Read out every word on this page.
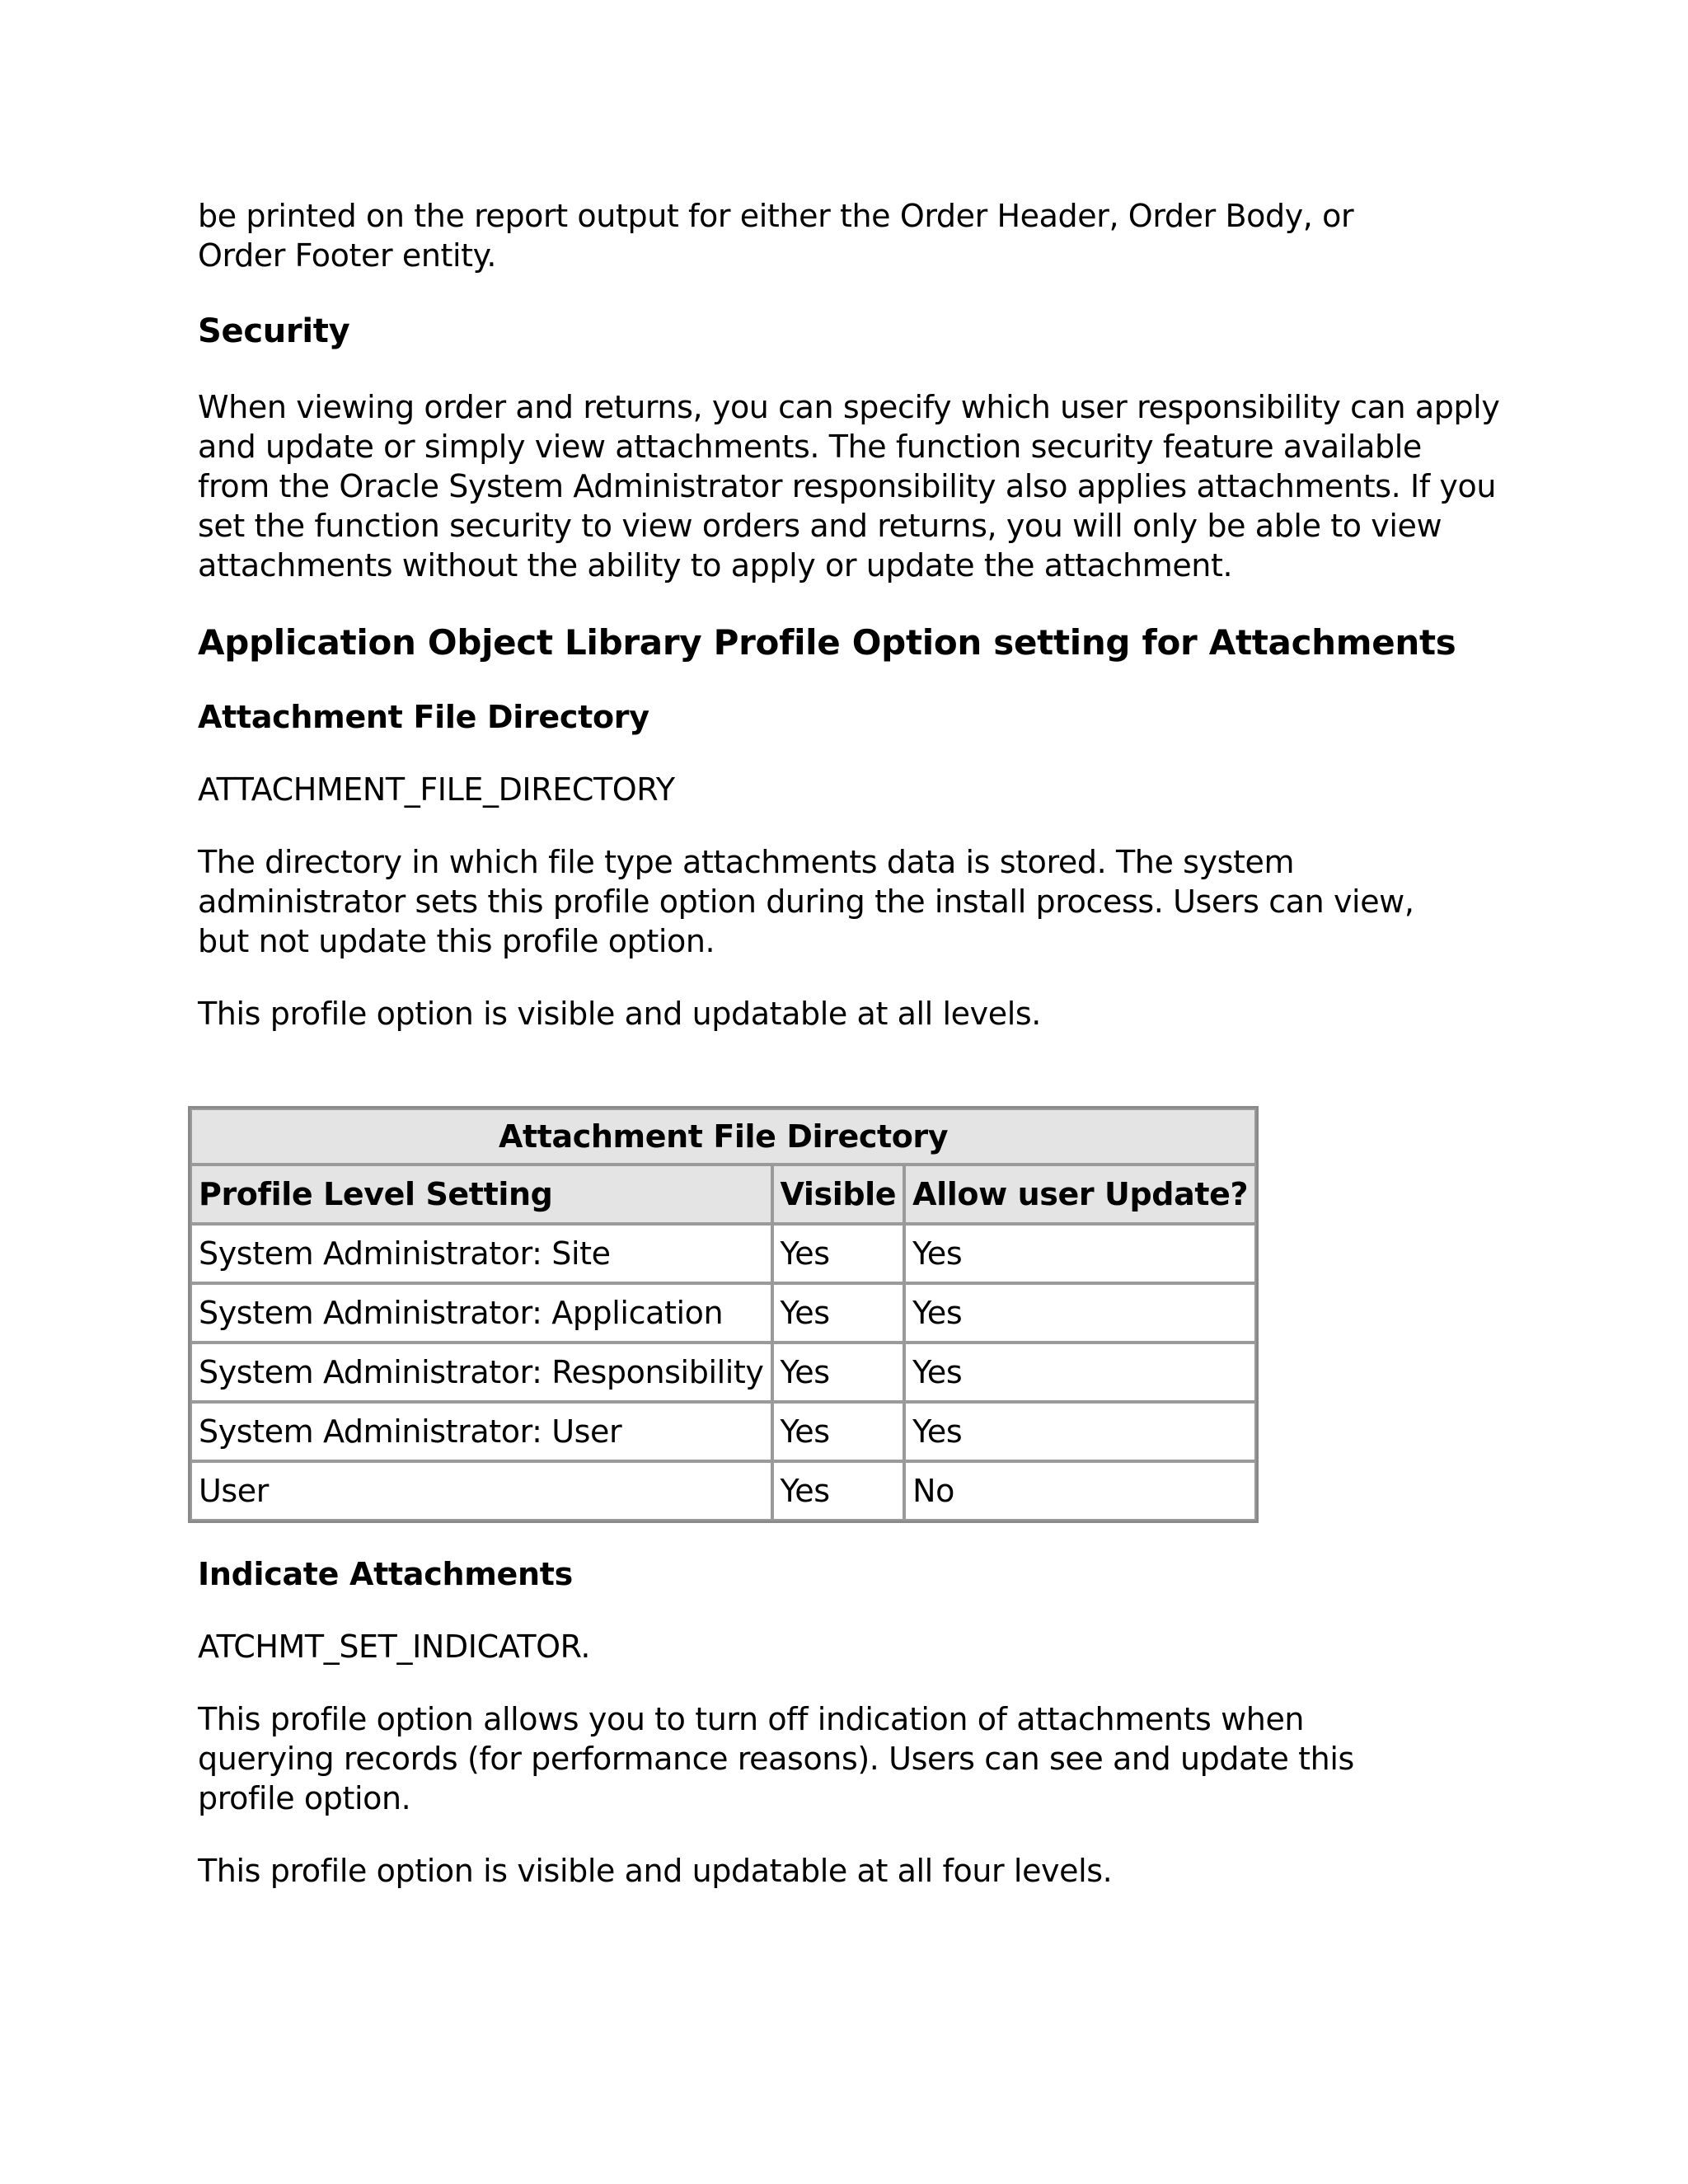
be printed on the report output for either the Order Header, Order Body, or Order Footer entity.

Security

When viewing order and returns, you can specify which user responsibility can apply and update or simply view attachments. The function security feature available from the Oracle System Administrator responsibility also applies attachments. If you set the function security to view orders and returns, you will only be able to view attachments without the ability to apply or update the attachment.

Application Object Library Profile Option setting for Attachments
Attachment File Directory

ATTACHMENT_FILE_DIRECTORY

The directory in which file type attachments data is stored. The system administrator sets this profile option during the install process. Users can view, but not update this profile option.

This profile option is visible and updatable at all levels.

Attachment File Directory		
Profile Level Setting	Visible	Allow user Update?
System Administrator: Site	Yes	Yes
System Administrator: Application	Yes	Yes
System Administrator: Responsibility	Yes	Yes
System Administrator: User	Yes	Yes
User	Yes	No
Indicate Attachments

ATCHMT_SET_INDICATOR.

This profile option allows you to turn off indication of attachments when querying records (for performance reasons). Users can see and update this profile option.

This profile option is visible and updatable at all four levels.
